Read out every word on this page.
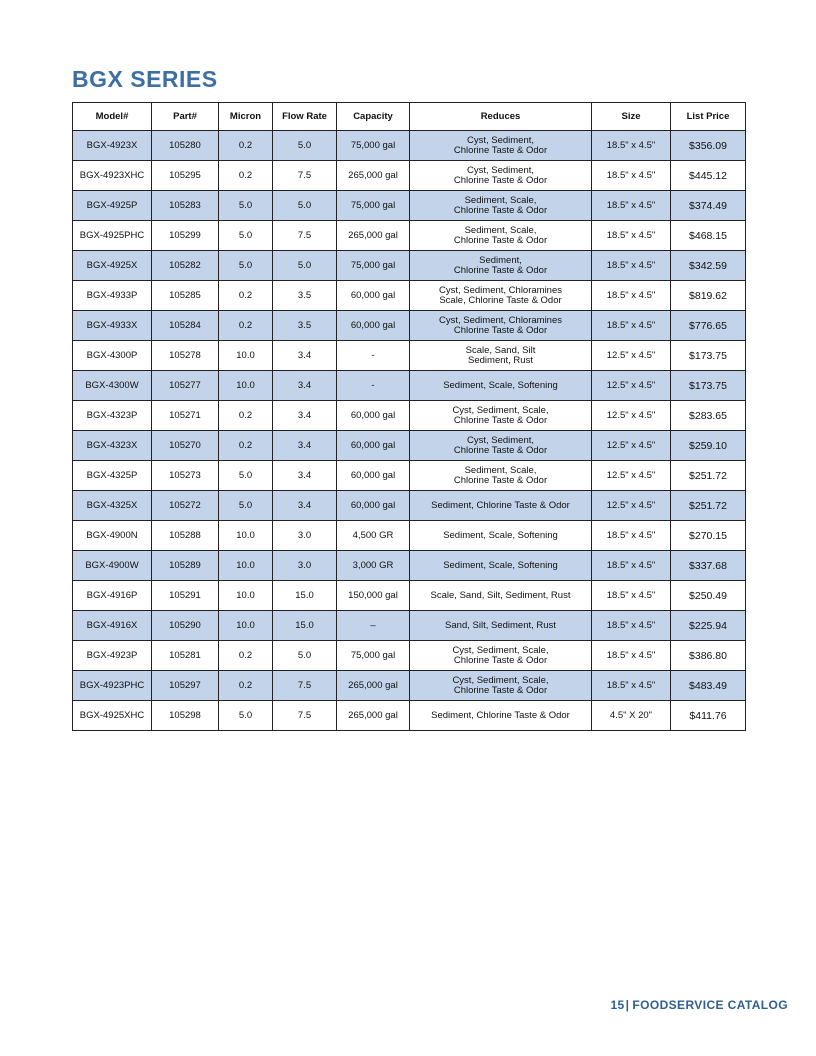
BGX SERIES
Model#	Part#	Micron	Flow Rate	Capacity	Reduces	Size	List Price
BGX-4923X	105280	0.2	5.0	75,000 gal	Cyst, Sediment,
Chlorine Taste & Odor	18.5" x 4.5"	$356.09
BGX-4923XHC	105295	0.2	7.5	265,000 gal	Cyst, Sediment,
Chlorine Taste & Odor	18.5" x 4.5"	$445.12
BGX-4925P	105283	5.0	5.0	75,000 gal	Sediment, Scale,
Chlorine Taste & Odor	18.5" x 4.5"	$374.49
BGX-4925PHC	105299	5.0	7.5	265,000 gal	Sediment, Scale,
Chlorine Taste & Odor	18.5" x 4.5"	$468.15
BGX-4925X	105282	5.0	5.0	75,000 gal	Sediment,
Chlorine Taste & Odor	18.5" x 4.5"	$342.59
BGX-4933P	105285	0.2	3.5	60,000 gal	Cyst, Sediment, Chloramines
Scale, Chlorine Taste & Odor	18.5" x 4.5"	$819.62
BGX-4933X	105284	0.2	3.5	60,000 gal	Cyst, Sediment, Chloramines
Chlorine Taste & Odor	18.5" x 4.5"	$776.65
BGX-4300P	105278	10.0	3.4	-	Scale, Sand, Silt
Sediment, Rust	12.5" x 4.5"	$173.75
BGX-4300W	105277	10.0	3.4	-	Sediment, Scale, Softening	12.5" x 4.5"	$173.75
BGX-4323P	105271	0.2	3.4	60,000 gal	Cyst, Sediment, Scale,
Chlorine Taste & Odor	12.5" x 4.5"	$283.65
BGX-4323X	105270	0.2	3.4	60,000 gal	Cyst, Sediment,
Chlorine Taste & Odor	12.5" x 4.5"	$259.10
BGX-4325P	105273	5.0	3.4	60,000 gal	Sediment, Scale,
Chlorine Taste & Odor	12.5" x 4.5"	$251.72
BGX-4325X	105272	5.0	3.4	60,000 gal	Sediment, Chlorine Taste & Odor	12.5" x 4.5"	$251.72
BGX-4900N	105288	10.0	3.0	4,500 GR	Sediment, Scale, Softening	18.5" x 4.5"	$270.15
BGX-4900W	105289	10.0	3.0	3,000 GR	Sediment, Scale, Softening	18.5" x 4.5"	$337.68
BGX-4916P	105291	10.0	15.0	150,000 gal	Scale, Sand, Silt, Sediment, Rust	18.5" x 4.5"	$250.49
BGX-4916X	105290	10.0	15.0	–	Sand, Silt, Sediment, Rust	18.5" x 4.5"	$225.94
BGX-4923P	105281	0.2	5.0	75,000 gal	Cyst, Sediment, Scale,
Chlorine Taste & Odor	18.5" x 4.5"	$386.80
BGX-4923PHC	105297	0.2	7.5	265,000 gal	Cyst, Sediment, Scale,
Chlorine Taste & Odor	18.5" x 4.5"	$483.49
BGX-4925XHC	105298	5.0	7.5	265,000 gal	Sediment, Chlorine Taste & Odor	4.5" X 20"	$411.76
15| FOODSERVICE CATALOG
